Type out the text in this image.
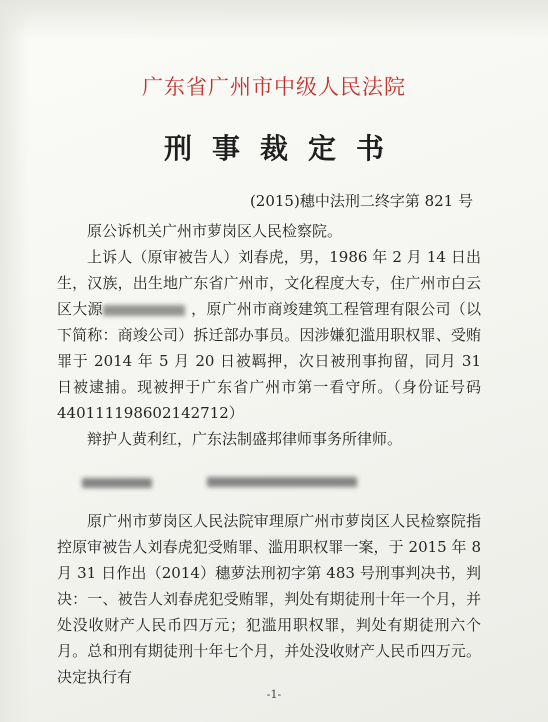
广东省广州市中级人民法院
刑事裁定书
(2015)穗中法刑二终字第 821 号

原公诉机关广州市萝岗区人民检察院。

上诉人（原审被告人）刘春虎，男，1986 年 2 月 14 日出生，汉族，出生地广东省广州市，文化程度大专，住广州市白云区大源	，原广州市商竣建筑工程管理有限公司（以下简称：商竣公司）拆迁部办事员。因涉嫌犯滥用职权罪、受贿罪于 2014 年 5 月 20 日被羁押，次日被刑事拘留，同月 31 日被逮捕。现被押于广东省广州市第一看守所。（身份证号码 440111198602142712）

辩护人黄利红，广东法制盛邦律师事务所律师。

原广州市萝岗区人民法院审理原广州市萝岗区人民检察院指控原审被告人刘春虎犯受贿罪、滥用职权罪一案，于 2015 年 8 月 31 日作出（2014）穗萝法刑初字第 483 号刑事判决书，判决：一、被告人刘春虎犯受贿罪，判处有期徒刑十年一个月，并处没收财产人民币四万元；犯滥用职权罪，判处有期徒刑六个月。总和刑有期徒刑十年七个月，并处没收财产人民币四万元。决定执行有

-1-
